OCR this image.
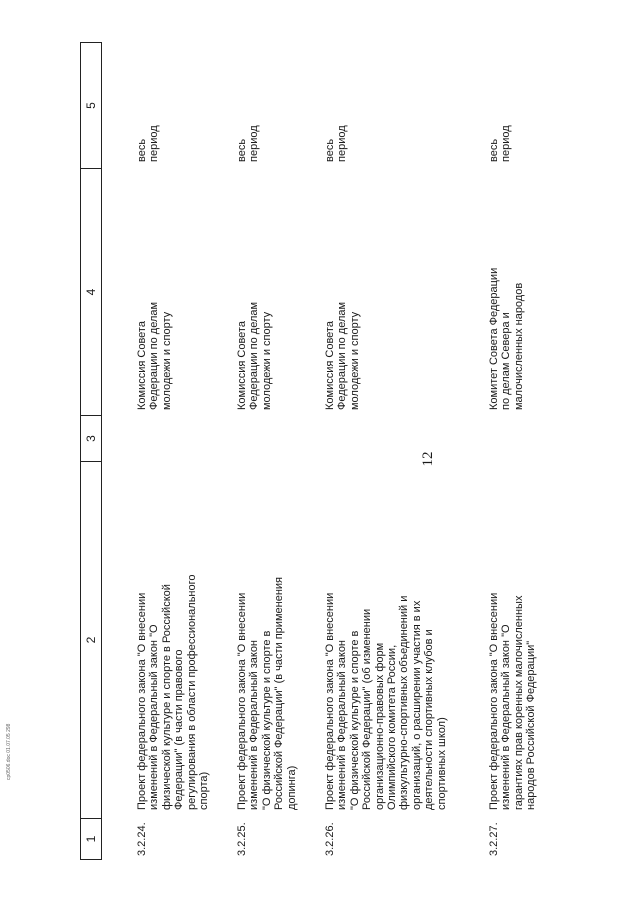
1
2
3
4
5
12
3.2.24.
Проект федерального закона "О внесении
изменений в Федеральный закон "О
физической культуре и спорте в Российской
Федерации" (в части правового
регулирования в области профессионального
спорта)
Комиссия Совета
Федерации по делам
молодежи и спорту
весь
период
3.2.25.
Проект федерального закона "О внесении
изменений в Федеральный закон
"О физической культуре и спорте в
Российской Федерации" (в части применения
допинга)
Комиссия Совета
Федерации по делам
молодежи и спорту
весь
период
3.2.26.
Проект федерального закона "О внесении
изменений в Федеральный закон
"О физической культуре и спорте в
Российской Федерации" (об изменении
организационно-правовых форм
Олимпийского комитета России,
физкультурно-спортивных объединений и
организаций, о расширении участия в их
деятельности спортивных клубов и
спортивных школ)
Комиссия Совета
Федерации по делам
молодежи и спорту
весь
период
3.2.27.
Проект федерального закона "О внесении
изменений в Федеральный закон "О
гарантиях прав коренных малочисленных
народов Российской Федерации"
Комитет Совета Федерации
по делам Севера и
малочисленных народов
весь
период
ср0506.doc 01.07.05 298
